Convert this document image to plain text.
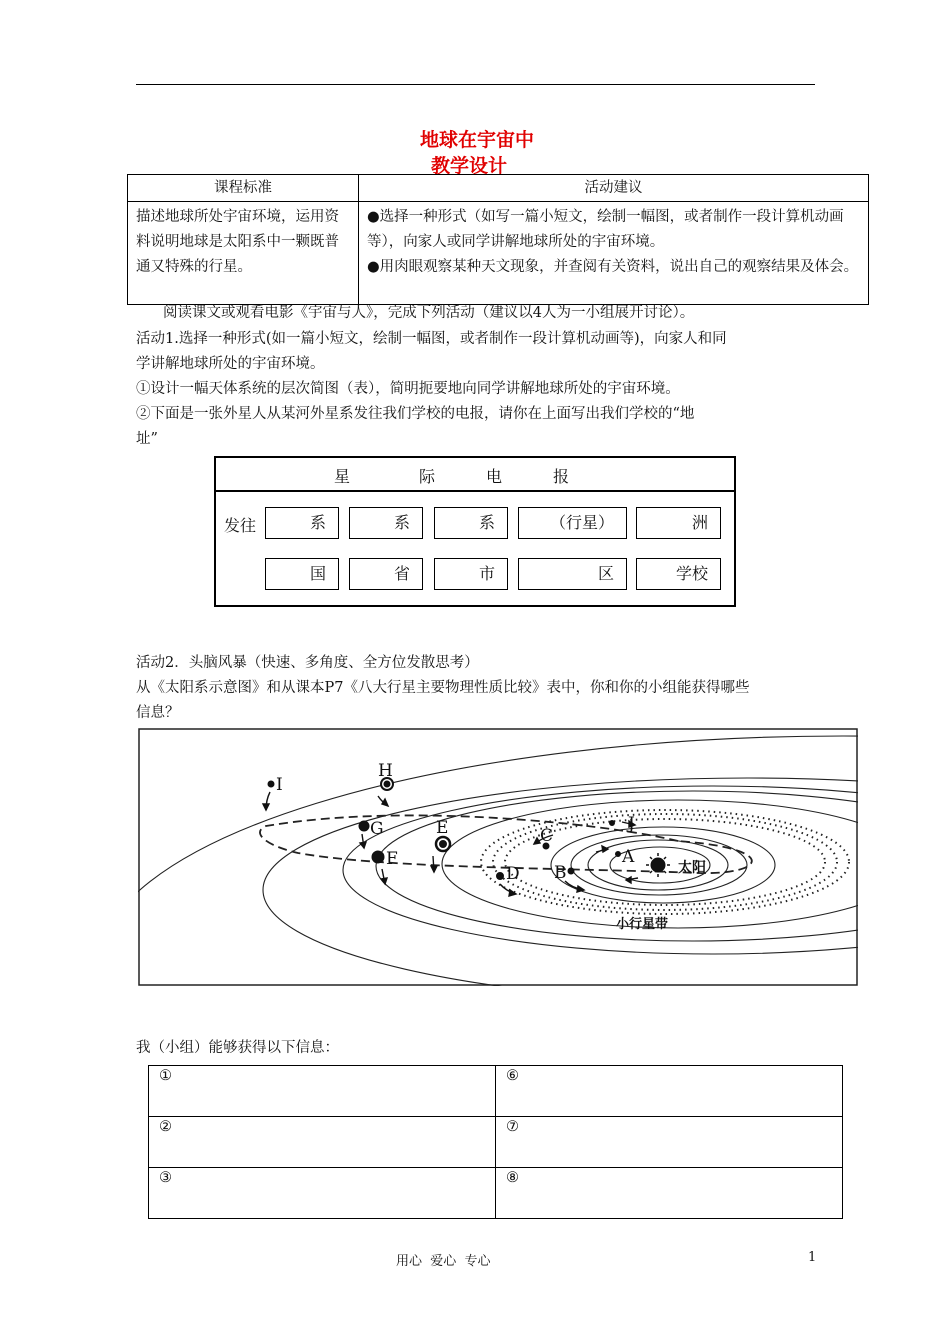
地球在宇宙中
教学设计
课程标准	活动建议
描述地球所处宇宙环境，运用资料说明地球是太阳系中一颗既普通又特殊的行星。	●选择一种形式（如写一篇小短文，绘制一幅图，或者制作一段计算机动画等），向家人或同学讲解地球所处的宇宙环境。
●用肉眼观察某种天文现象，并查阅有关资料，说出自己的观察结果及体会。
阅读课文或观看电影《宇宙与人》，完成下列活动（建议以4人为一小组展开讨论）。
活动1.选择一种形式(如一篇小短文，绘制一幅图，或者制作一段计算机动画等)，向家人和同
学讲解地球所处的宇宙环境。
①设计一幅天体系统的层次简图（表），简明扼要地向同学讲解地球所处的宇宙环境。
②下面是一张外星人从某河外星系发往我们学校的电报，请你在上面写出我们学校的“地
址”
星	际	电	报
发往	系	系	系	（行星）	洲
国	省	市	区	学校
活动2．头脑风暴（快速、多角度、全方位发散思考）
从《太阳系示意图》和从课本P7《八大行星主要物理性质比较》表中，你和你的小组能获得哪些
信息？
A
B
C
D
E
F
G
H
I
J
太阳
小行星带
我（小组）能够获得以下信息：
①	⑥
②	⑦
③	⑧
用心  爱心  专心	1
